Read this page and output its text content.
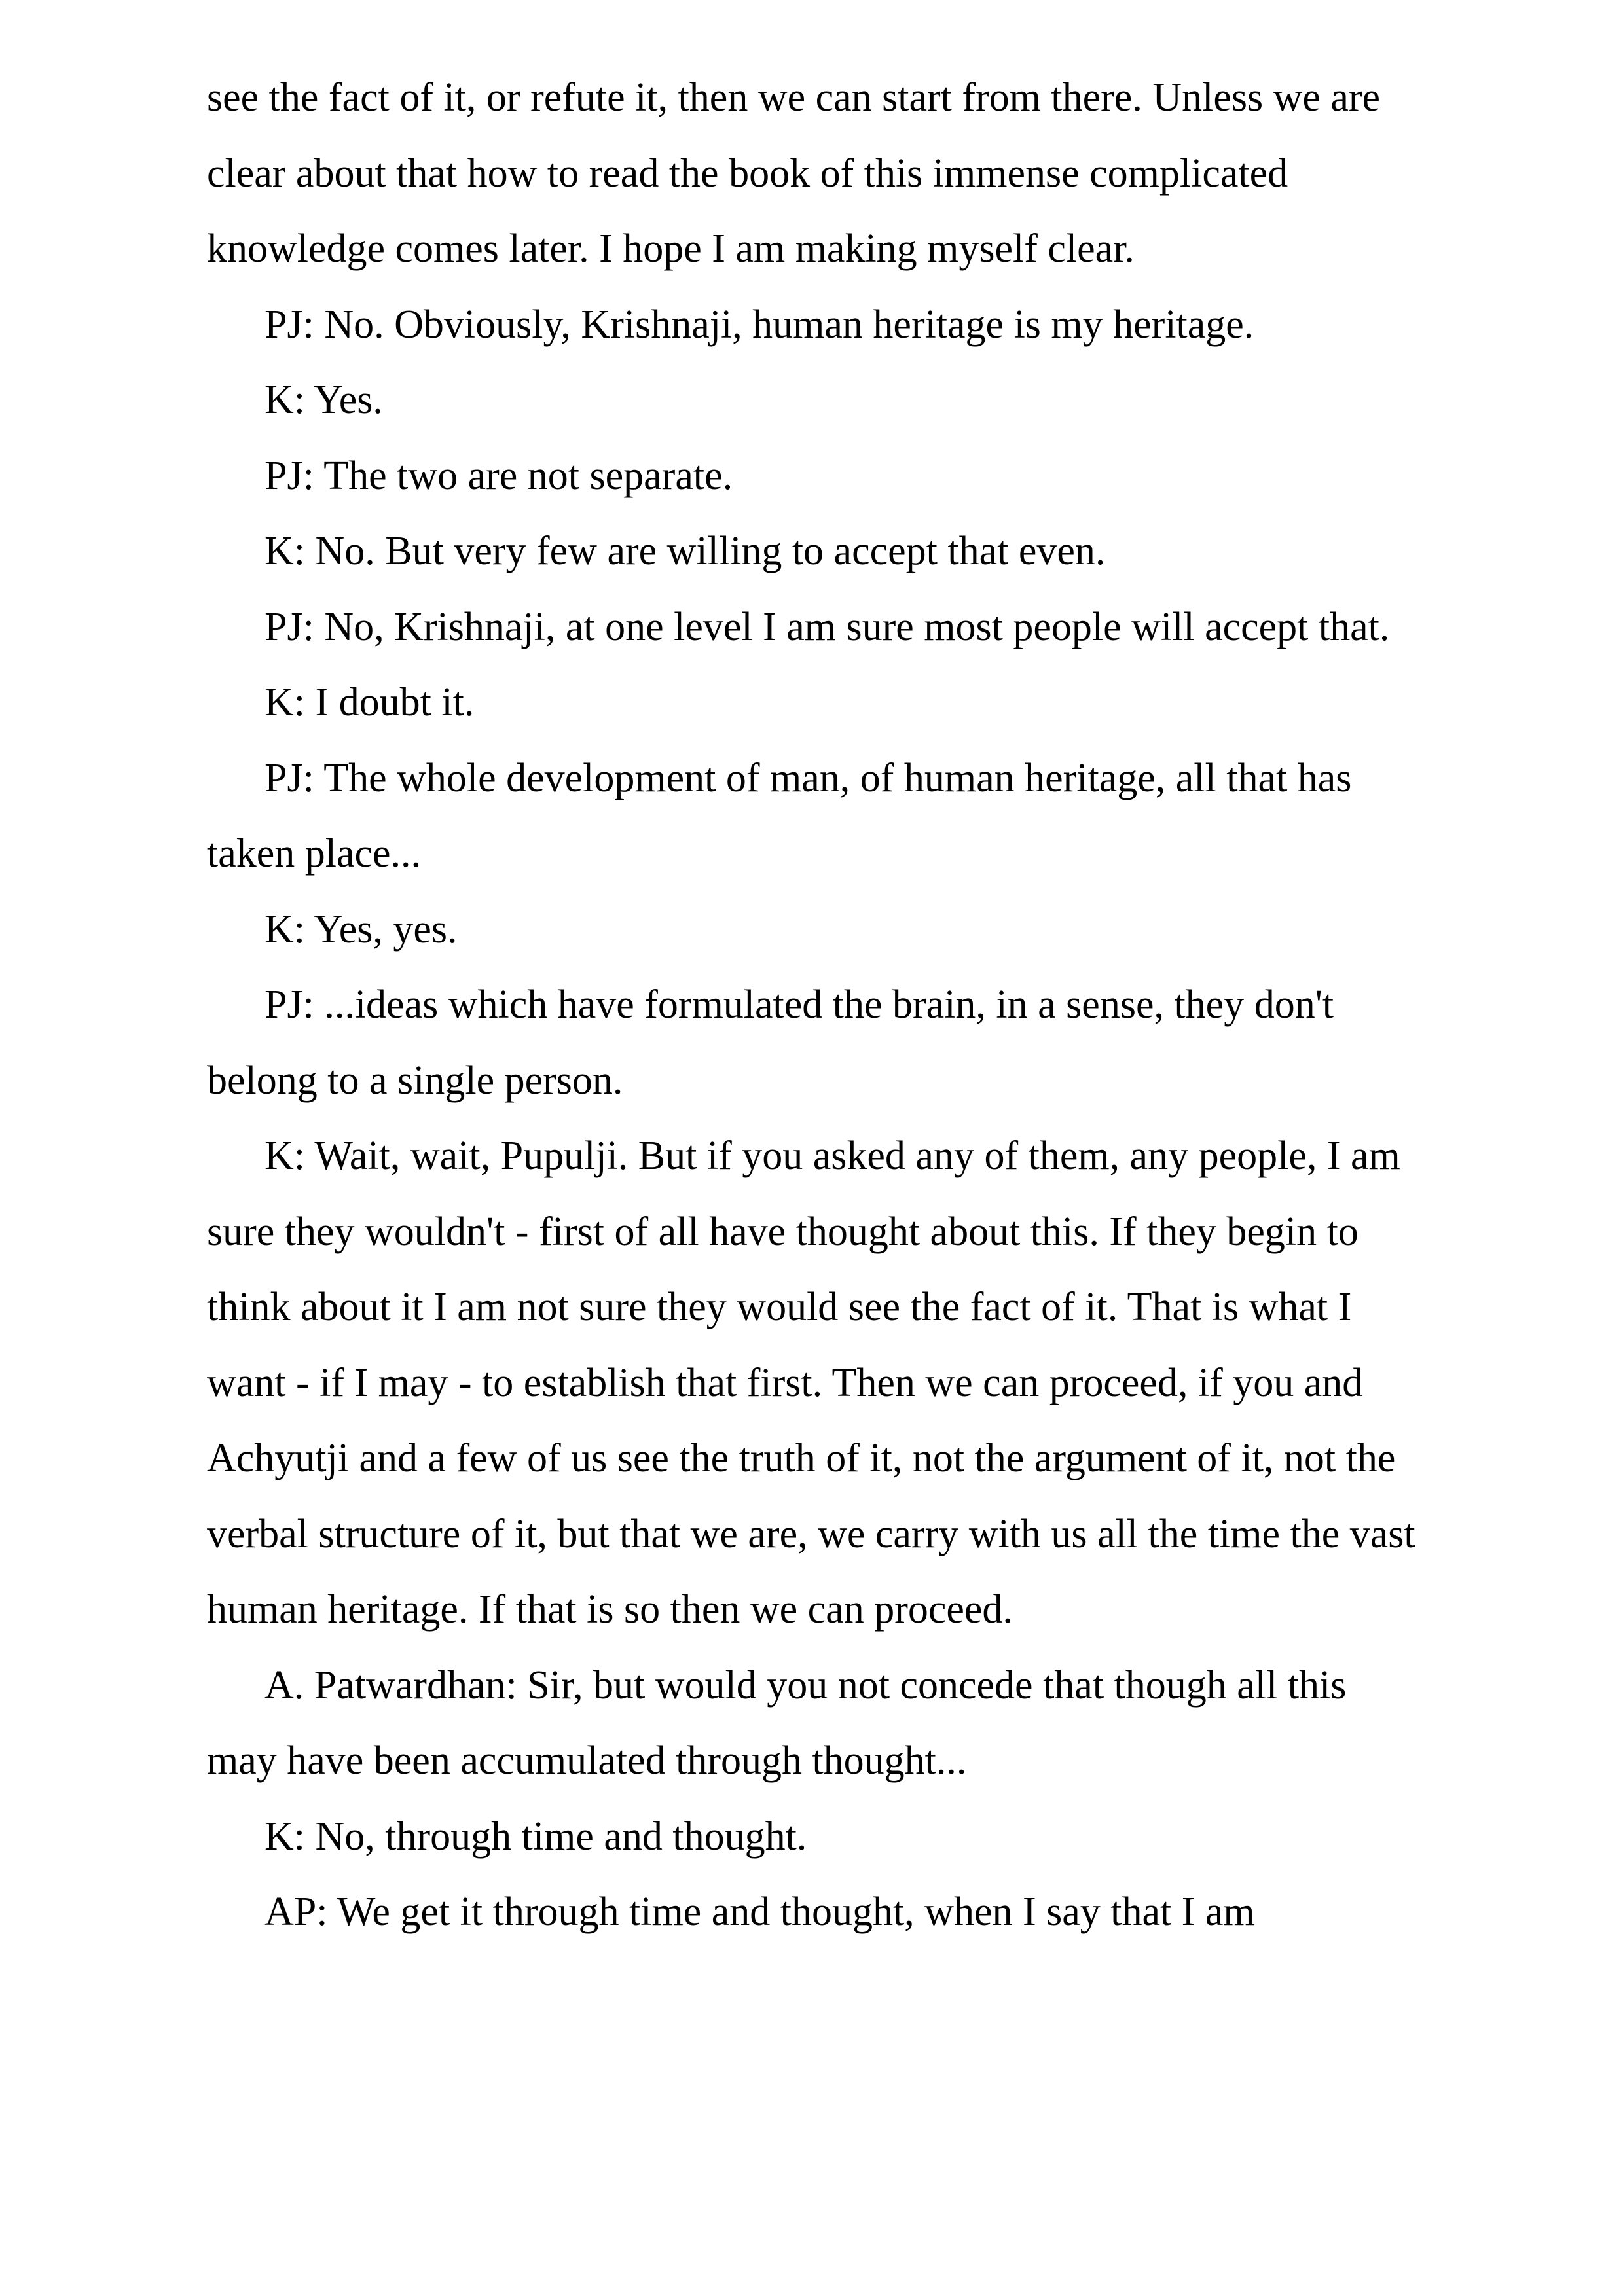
see the fact of it, or refute it, then we can start from there. Unless we are clear about that how to read the book of this immense complicated knowledge comes later. I hope I am making myself clear.

PJ: No. Obviously, Krishnaji, human heritage is my heritage.

K: Yes.

PJ: The two are not separate.

K: No. But very few are willing to accept that even.

PJ: No, Krishnaji, at one level I am sure most people will accept that.

K: I doubt it.

PJ: The whole development of man, of human heritage, all that has taken place...

K: Yes, yes.

PJ: ...ideas which have formulated the brain, in a sense, they don't belong to a single person.

K: Wait, wait, Pupulji. But if you asked any of them, any people, I am sure they wouldn't - first of all have thought about this. If they begin to think about it I am not sure they would see the fact of it. That is what I want - if I may - to establish that first. Then we can proceed, if you and Achyutji and a few of us see the truth of it, not the argument of it, not the verbal structure of it, but that we are, we carry with us all the time the vast human heritage. If that is so then we can proceed.

A. Patwardhan: Sir, but would you not concede that though all this may have been accumulated through thought...

K: No, through time and thought.

AP: We get it through time and thought, when I say that I am
